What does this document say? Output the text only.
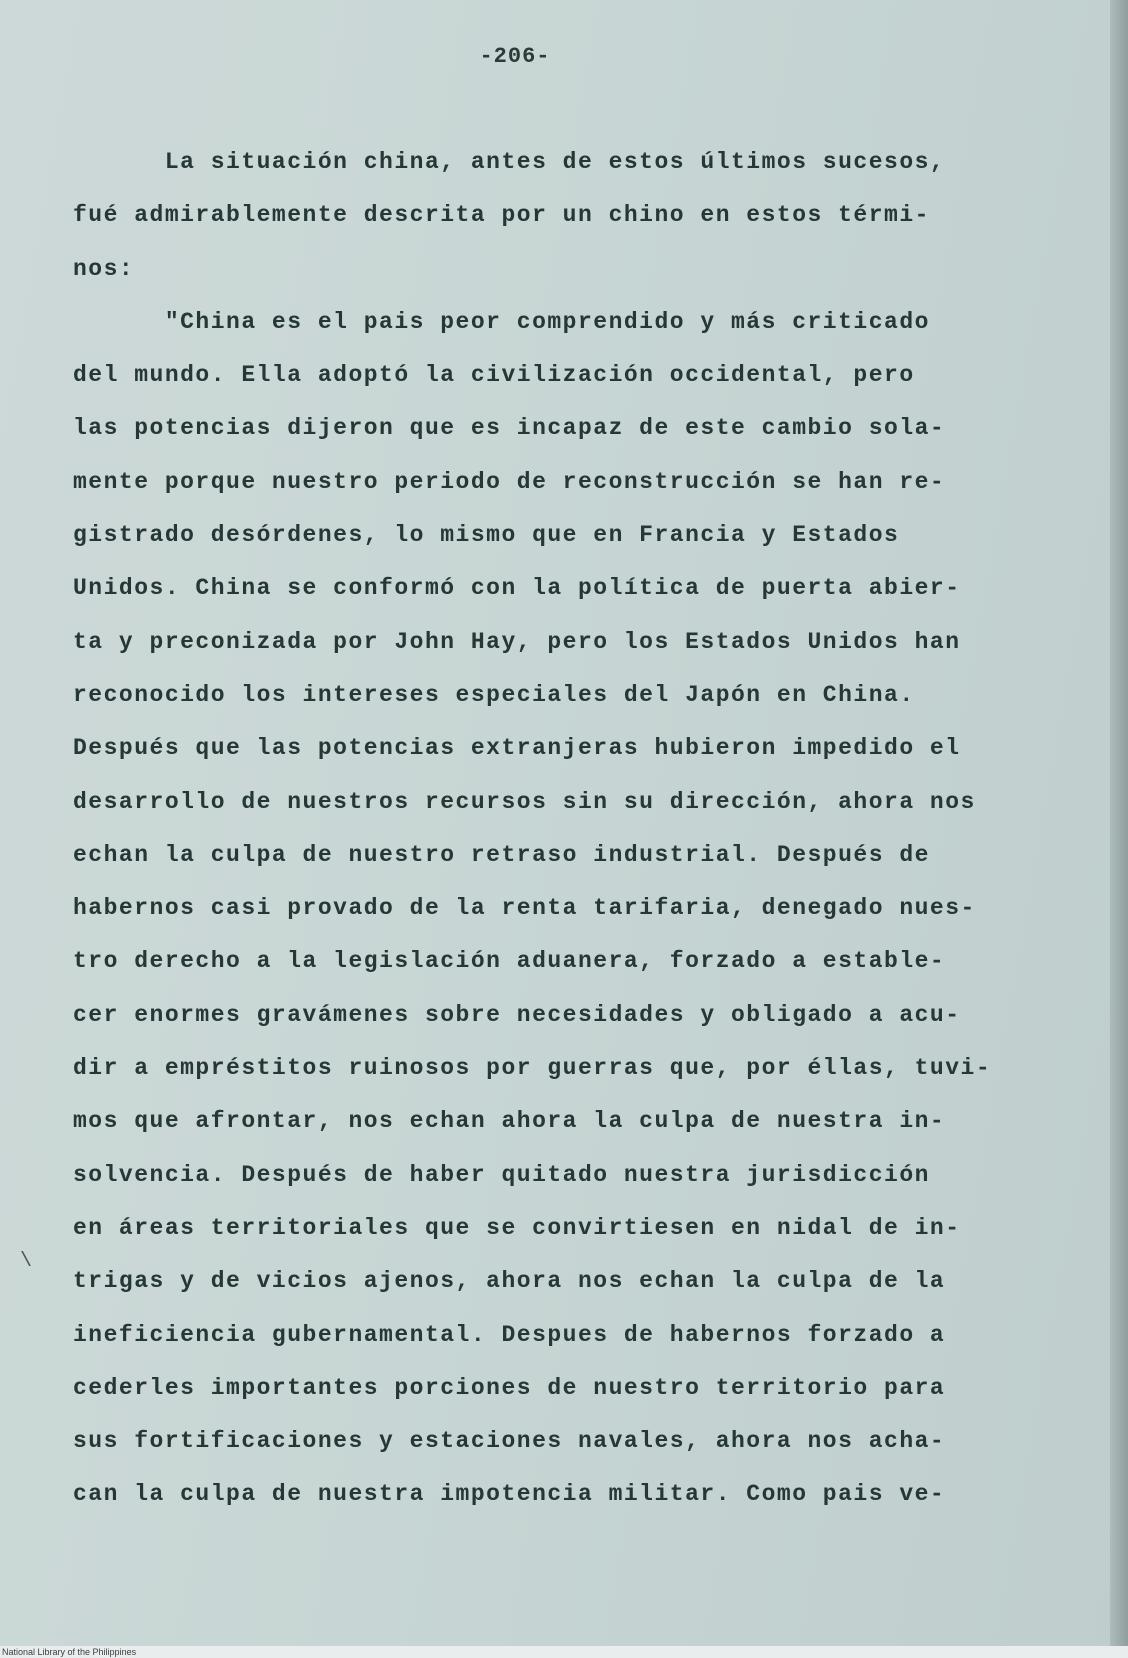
-206-
La situación china, antes de estos últimos sucesos,
fué admirablemente descrita por un chino en estos térmi-
nos:
"China es el pais peor comprendido y más criticado
del mundo. Ella adoptó la civilización occidental, pero
las potencias dijeron que es incapaz de este cambio sola-
mente porque nuestro periodo de reconstrucción se han re-
gistrado desórdenes, lo mismo que en Francia y Estados
Unidos. China se conformó con la política de puerta abier-
ta y preconizada por John Hay, pero los Estados Unidos han
reconocido los intereses especiales del Japón en China.
Después que las potencias extranjeras hubieron impedido el
desarrollo de nuestros recursos sin su dirección, ahora nos
echan la culpa de nuestro retraso industrial. Después de
habernos casi provado de la renta tarifaria, denegado nues-
tro derecho a la legislación aduanera, forzado a estable-
cer enormes gravámenes sobre necesidades y obligado a acu-
dir a empréstitos ruinosos por guerras que, por éllas, tuvi-
mos que afrontar, nos echan ahora la culpa de nuestra in-
solvencia. Después de haber quitado nuestra jurisdicción
en áreas territoriales que se convirtiesen en nidal de in-
trigas y de vicios ajenos, ahora nos echan la culpa de la
ineficiencia gubernamental. Despues de habernos forzado a
cederles importantes porciones de nuestro territorio para
sus fortificaciones y estaciones navales, ahora nos acha-
can la culpa de nuestra impotencia militar. Como pais ve-
\
National Library of the Philippines
